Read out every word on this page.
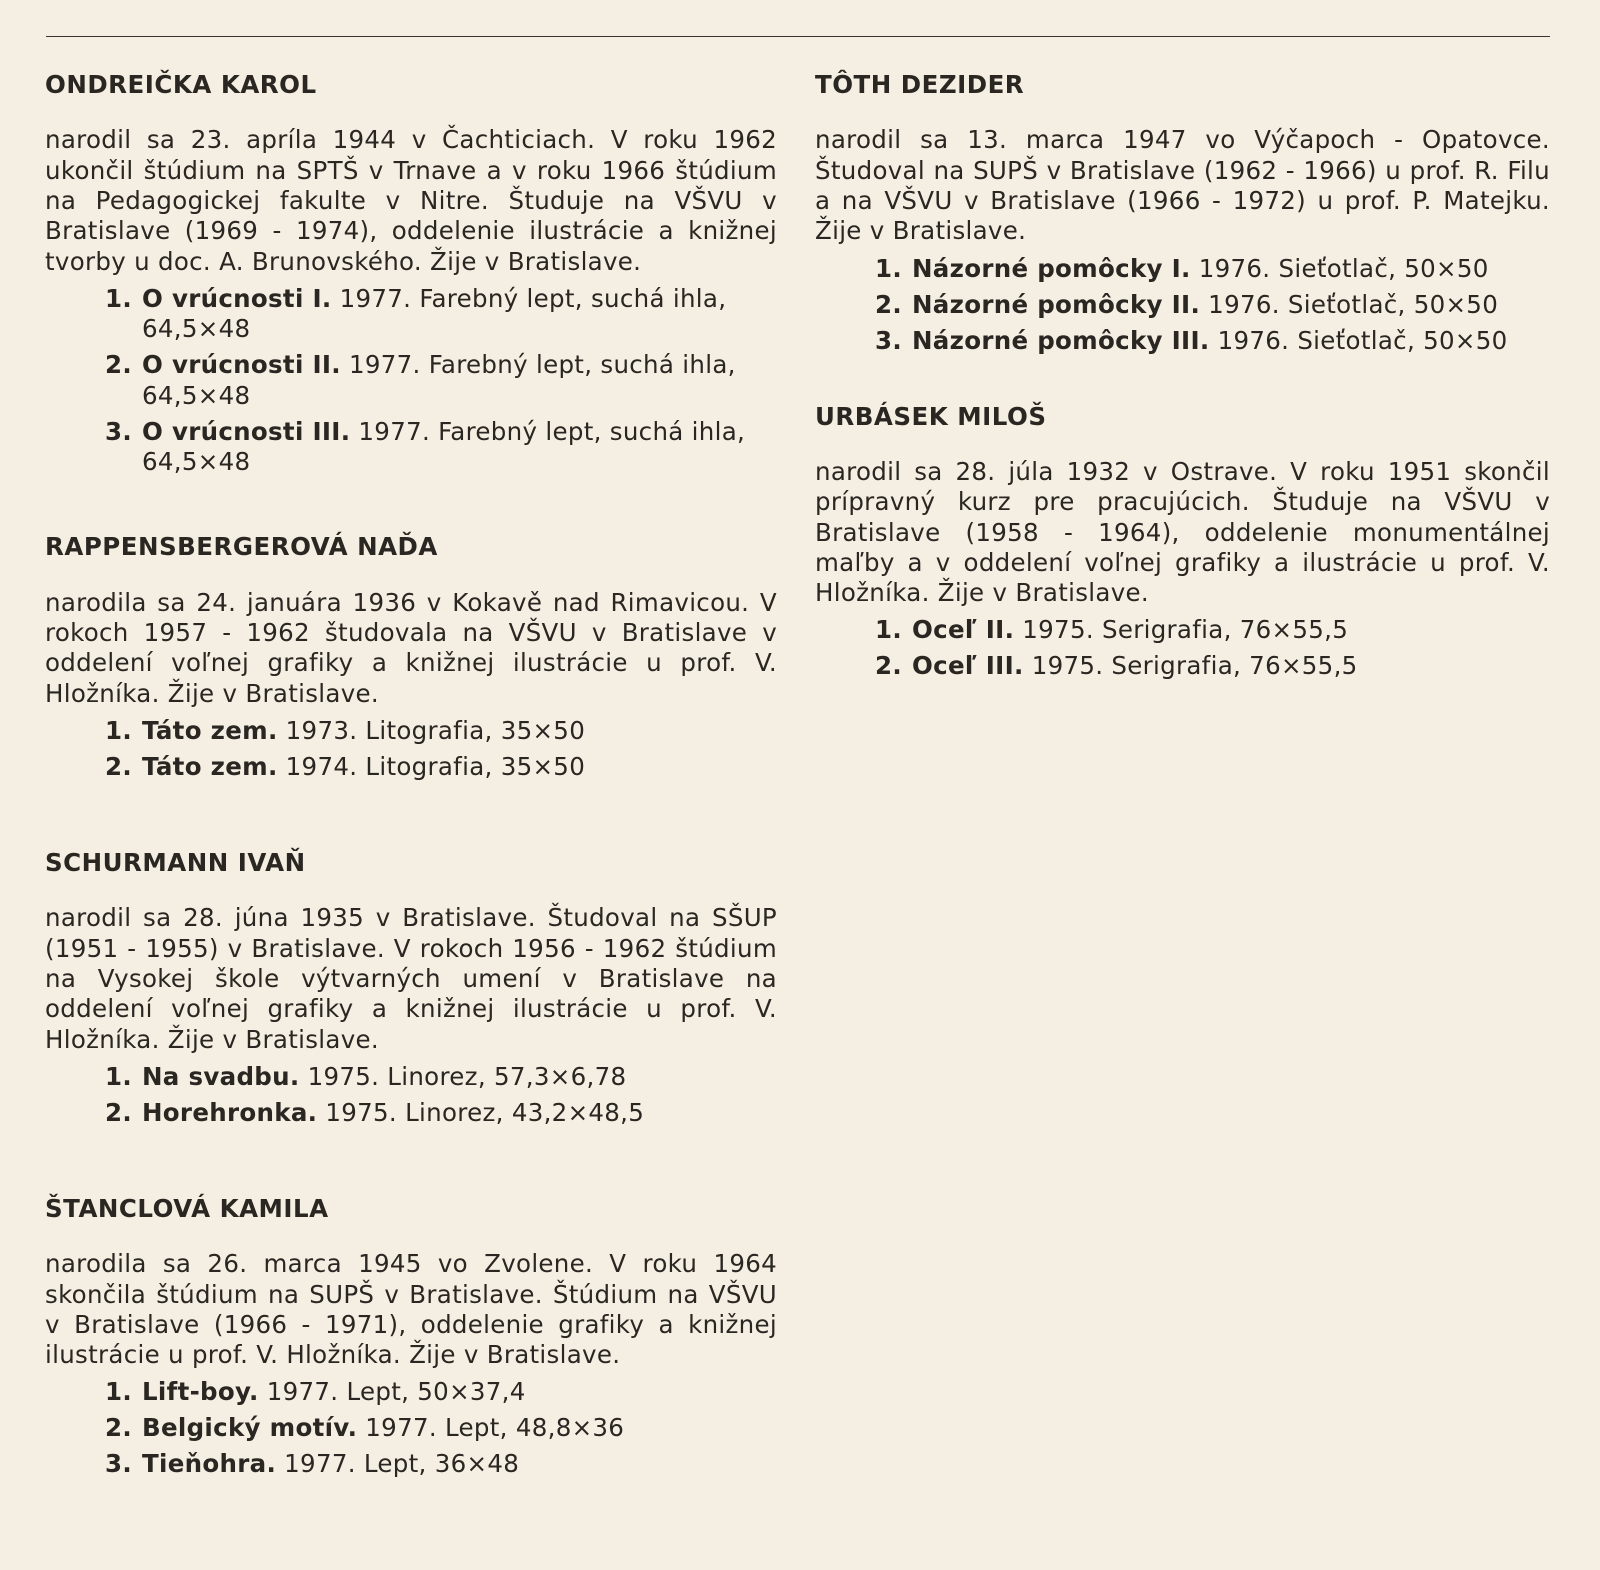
ONDREIČKA KAROL

narodil sa 23. apríla 1944 v Čachticiach. V roku 1962 ukončil štúdium na SPTŠ v Trnave a v roku 1966 štúdium na Pedagogickej fakulte v Nitre. Študuje na VŠVU v Bratislave (1969 - 1974), oddelenie ilustrácie a knižnej tvorby u doc. A. Brunovského. Žije v Bratislave.

1. O vrúcnosti I. 1977. Farebný lept, suchá ihla, 64,5×48
2. O vrúcnosti II. 1977. Farebný lept, suchá ihla, 64,5×48
3. O vrúcnosti III. 1977. Farebný lept, suchá ihla, 64,5×48
RAPPENSBERGEROVÁ NAĎA

narodila sa 24. januára 1936 v Kokavě nad Rimavicou. V rokoch 1957 - 1962 študovala na VŠVU v Bratislave v oddelení voľnej grafiky a knižnej ilustrácie u prof. V. Hložníka. Žije v Bratislave.

1. Táto zem. 1973. Litografia, 35×50
2. Táto zem. 1974. Litografia, 35×50
SCHURMANN IVAŇ

narodil sa 28. júna 1935 v Bratislave. Študoval na SŠUP (1951 - 1955) v Bratislave. V rokoch 1956 - 1962 štúdium na Vysokej škole výtvarných umení v Bratislave na oddelení voľnej grafiky a knižnej ilustrácie u prof. V. Hložníka. Žije v Bratislave.

1. Na svadbu. 1975. Linorez, 57,3×6,78
2. Horehronka. 1975. Linorez, 43,2×48,5
ŠTANCLOVÁ KAMILA

narodila sa 26. marca 1945 vo Zvolene. V roku 1964 skončila štúdium na SUPŠ v Bratislave. Štúdium na VŠVU v Bratislave (1966 - 1971), oddelenie grafiky a knižnej ilustrácie u prof. V. Hložníka. Žije v Bratislave.

1. Lift-boy. 1977. Lept, 50×37,4
2. Belgický motív. 1977. Lept, 48,8×36
3. Tieňohra. 1977. Lept, 36×48
TÔTH DEZIDER

narodil sa 13. marca 1947 vo Výčapoch - Opatovce. Študoval na SUPŠ v Bratislave (1962 - 1966) u prof. R. Filu a na VŠVU v Bratislave (1966 - 1972) u prof. P. Matejku. Žije v Bratislave.

1. Názorné pomôcky I. 1976. Sieťotlač, 50×50
2. Názorné pomôcky II. 1976. Sieťotlač, 50×50
3. Názorné pomôcky III. 1976. Sieťotlač, 50×50
URBÁSEK MILOŠ

narodil sa 28. júla 1932 v Ostrave. V roku 1951 skončil prípravný kurz pre pracujúcich. Študuje na VŠVU v Bratislave (1958 - 1964), oddelenie monumentálnej maľby a v oddelení voľnej grafiky a ilustrácie u prof. V. Hložníka. Žije v Bratislave.

1. Oceľ II. 1975. Serigrafia, 76×55,5
2. Oceľ III. 1975. Serigrafia, 76×55,5
